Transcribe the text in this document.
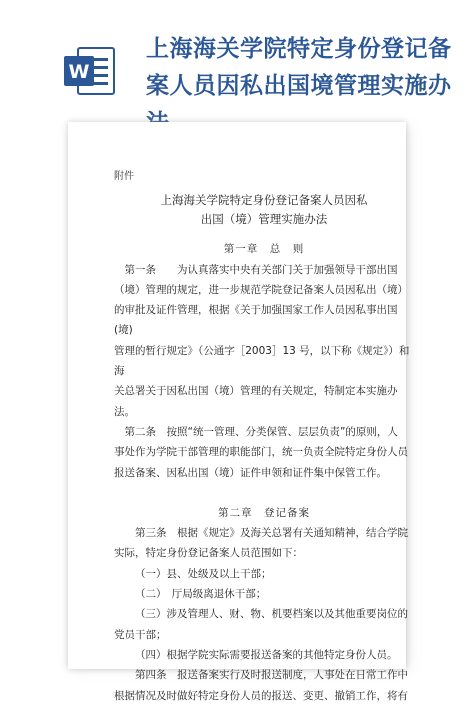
W
上海海关学院特定身份登记备
案人员因私出国境管理实施办
附件
上海海关学院特定身份登记备案人员因私
出国（境）管理实施办法
第一章　总　则
　第一条　　为认真落实中央有关部门关于加强领导干部出国
（境）管理的规定，进一步规范学院登记备案人员因私出（境）
的审批及证件管理，根据《关于加强国家工作人员因私事出国(境)
管理的暂行规定》（公通字［2003］13 号，以下称《规定》）和海
关总署关于因私出国（境）管理的有关规定，特制定本实施办法。
　第二条　按照“统一管理、分类保管、层层负责”的原则，人
事处作为学院干部管理的职能部门，统一负责全院特定身份人员
报送备案、因私出国（境）证件申领和证件集中保管工作。
第二章　登记备案
第三条　根据《规定》及海关总署有关通知精神，结合学院
实际，特定身份登记备案人员范围如下：
（一）县、处级及以上干部；
（二）　厅局级离退休干部；
（三）涉及管理人、财、物、机要档案以及其他重要岗位的
党员干部；
（四）根据学院实际需要报送备案的其他特定身份人员。
第四条　报送备案实行及时报送制度，人事处在日常工作中
根据情况及时做好特定身份人员的报送、变更、撤销工作，将有
